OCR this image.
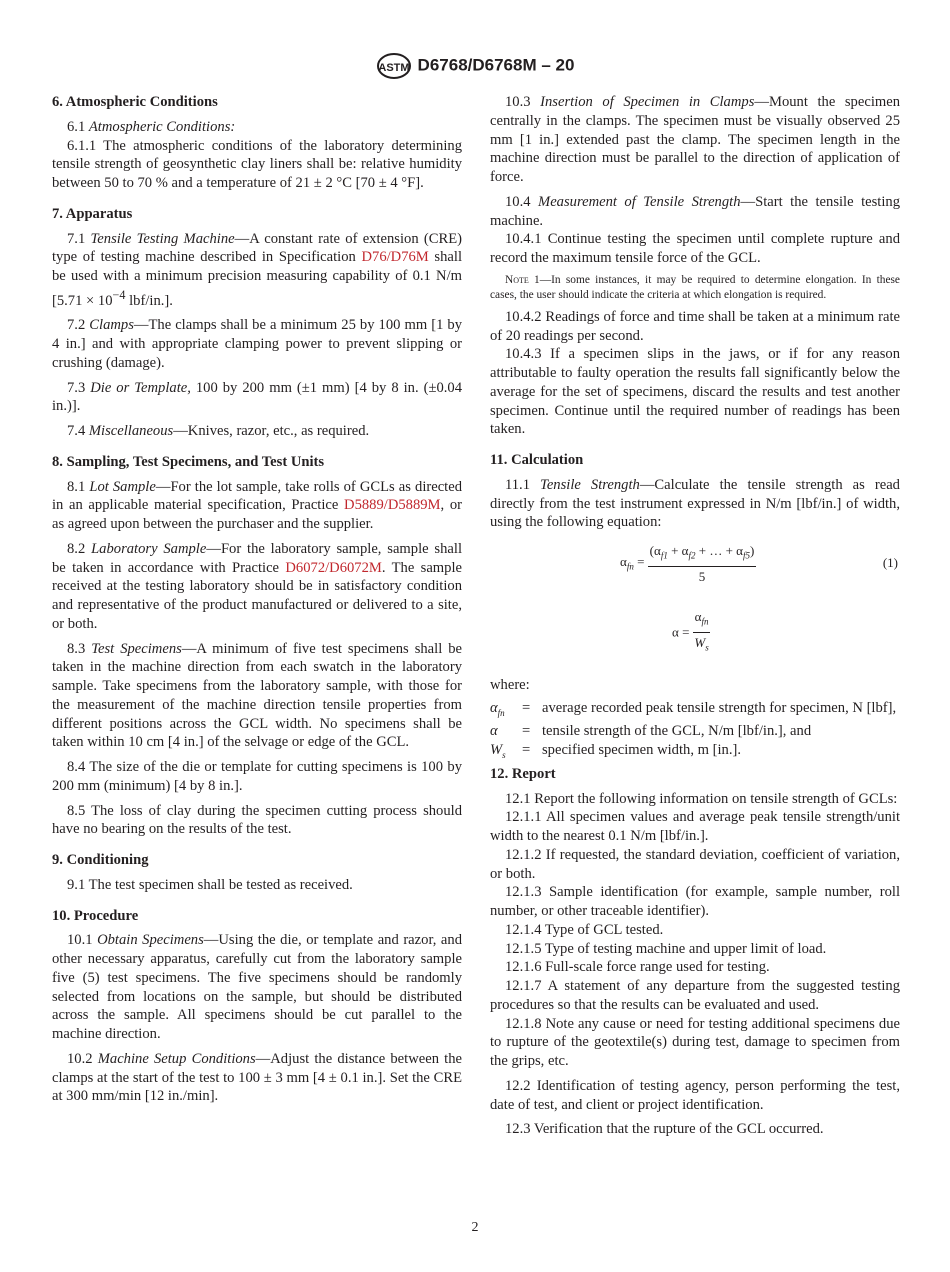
ASTM D6768/D6768M – 20
6. Atmospheric Conditions

6.1 Atmospheric Conditions:

6.1.1 The atmospheric conditions of the laboratory determining tensile strength of geosynthetic clay liners shall be: relative humidity between 50 to 70 % and a temperature of 21 ± 2 °C [70 ± 4 °F].

7. Apparatus

7.1 Tensile Testing Machine—A constant rate of extension (CRE) type of testing machine described in Specification D76/D76M shall be used with a minimum precision measuring capability of 0.1 N/m [$5.71 \times 10^{-4}$ lbf/in.].

7.2 Clamps—The clamps shall be a minimum 25 by 100 mm [1 by 4 in.] and with appropriate clamping power to prevent slipping or crushing (damage).

7.3 Die or Template, 100 by 200 mm (±1 mm) [4 by 8 in. (±0.04 in.)].

7.4 Miscellaneous—Knives, razor, etc., as required.

8. Sampling, Test Specimens, and Test Units

8.1 Lot Sample—For the lot sample, take rolls of GCLs as directed in an applicable material specification, Practice D5889/D5889M, or as agreed upon between the purchaser and the supplier.

8.2 Laboratory Sample—For the laboratory sample, sample shall be taken in accordance with Practice D6072/D6072M. The sample received at the testing laboratory should be in satisfactory condition and representative of the product manufactured or delivered to a site, or both.

8.3 Test Specimens—A minimum of five test specimens shall be taken in the machine direction from each swatch in the laboratory sample. Take specimens from the laboratory sample, with those for the measurement of the machine direction tensile properties from different positions across the GCL width. No specimens shall be taken within 10 cm [4 in.] of the selvage or edge of the GCL.

8.4 The size of the die or template for cutting specimens is 100 by 200 mm (minimum) [4 by 8 in.].

8.5 The loss of clay during the specimen cutting process should have no bearing on the results of the test.

9. Conditioning

9.1 The test specimen shall be tested as received.

10. Procedure

10.1 Obtain Specimens—Using the die, or template and razor, and other necessary apparatus, carefully cut from the laboratory sample five (5) test specimens. The five specimens should be randomly selected from locations on the sample, but should be distributed across the sample. All specimens should be cut parallel to the machine direction.

10.2 Machine Setup Conditions—Adjust the distance between the clamps at the start of the test to 100 ± 3 mm [4 ± 0.1 in.]. Set the CRE at 300 mm/min [12 in./min].

10.3 Insertion of Specimen in Clamps—Mount the specimen centrally in the clamps. The specimen must be visually observed 25 mm [1 in.] extended past the clamp. The specimen length in the machine direction must be parallel to the direction of application of force.

10.4 Measurement of Tensile Strength—Start the tensile testing machine.

10.4.1 Continue testing the specimen until complete rupture and record the maximum tensile force of the GCL.

Note 1—In some instances, it may be required to determine elongation. In these cases, the user should indicate the criteria at which elongation is required.

10.4.2 Readings of force and time shall be taken at a minimum rate of 20 readings per second.

10.4.3 If a specimen slips in the jaws, or if for any reason attributable to faulty operation the results fall significantly below the average for the set of specimens, discard the results and test another specimen. Continue until the required number of readings has been taken.

11. Calculation

11.1 Tensile Strength—Calculate the tensile strength as read directly from the test instrument expressed in N/m [lbf/in.] of width, using the following equation:

$\alpha_{fn} = \frac{(\alpha_{f1} + \alpha_{f2} + \dots + \alpha_{f5})}{5}$	(1)
$\alpha = \frac{\alpha_{fn}}{W_s}$
where:
$\alpha_{fn}$	= average recorded peak tensile strength for specimen, N [lbf],
α	= tensile strength of the GCL, N/m [lbf/in.], and
$W_s$	= specified specimen width, m [in.].
12. Report

12.1 Report the following information on tensile strength of GCLs:

12.1.1 All specimen values and average peak tensile strength/unit width to the nearest 0.1 N/m [lbf/in.].

12.1.2 If requested, the standard deviation, coefficient of variation, or both.

12.1.3 Sample identification (for example, sample number, roll number, or other traceable identifier).

12.1.4 Type of GCL tested.

12.1.5 Type of testing machine and upper limit of load.

12.1.6 Full-scale force range used for testing.

12.1.7 A statement of any departure from the suggested testing procedures so that the results can be evaluated and used.

12.1.8 Note any cause or need for testing additional specimens due to rupture of the geotextile(s) during test, damage to specimen from the grips, etc.

12.2 Identification of testing agency, person performing the test, date of test, and client or project identification.

12.3 Verification that the rupture of the GCL occurred.

2
